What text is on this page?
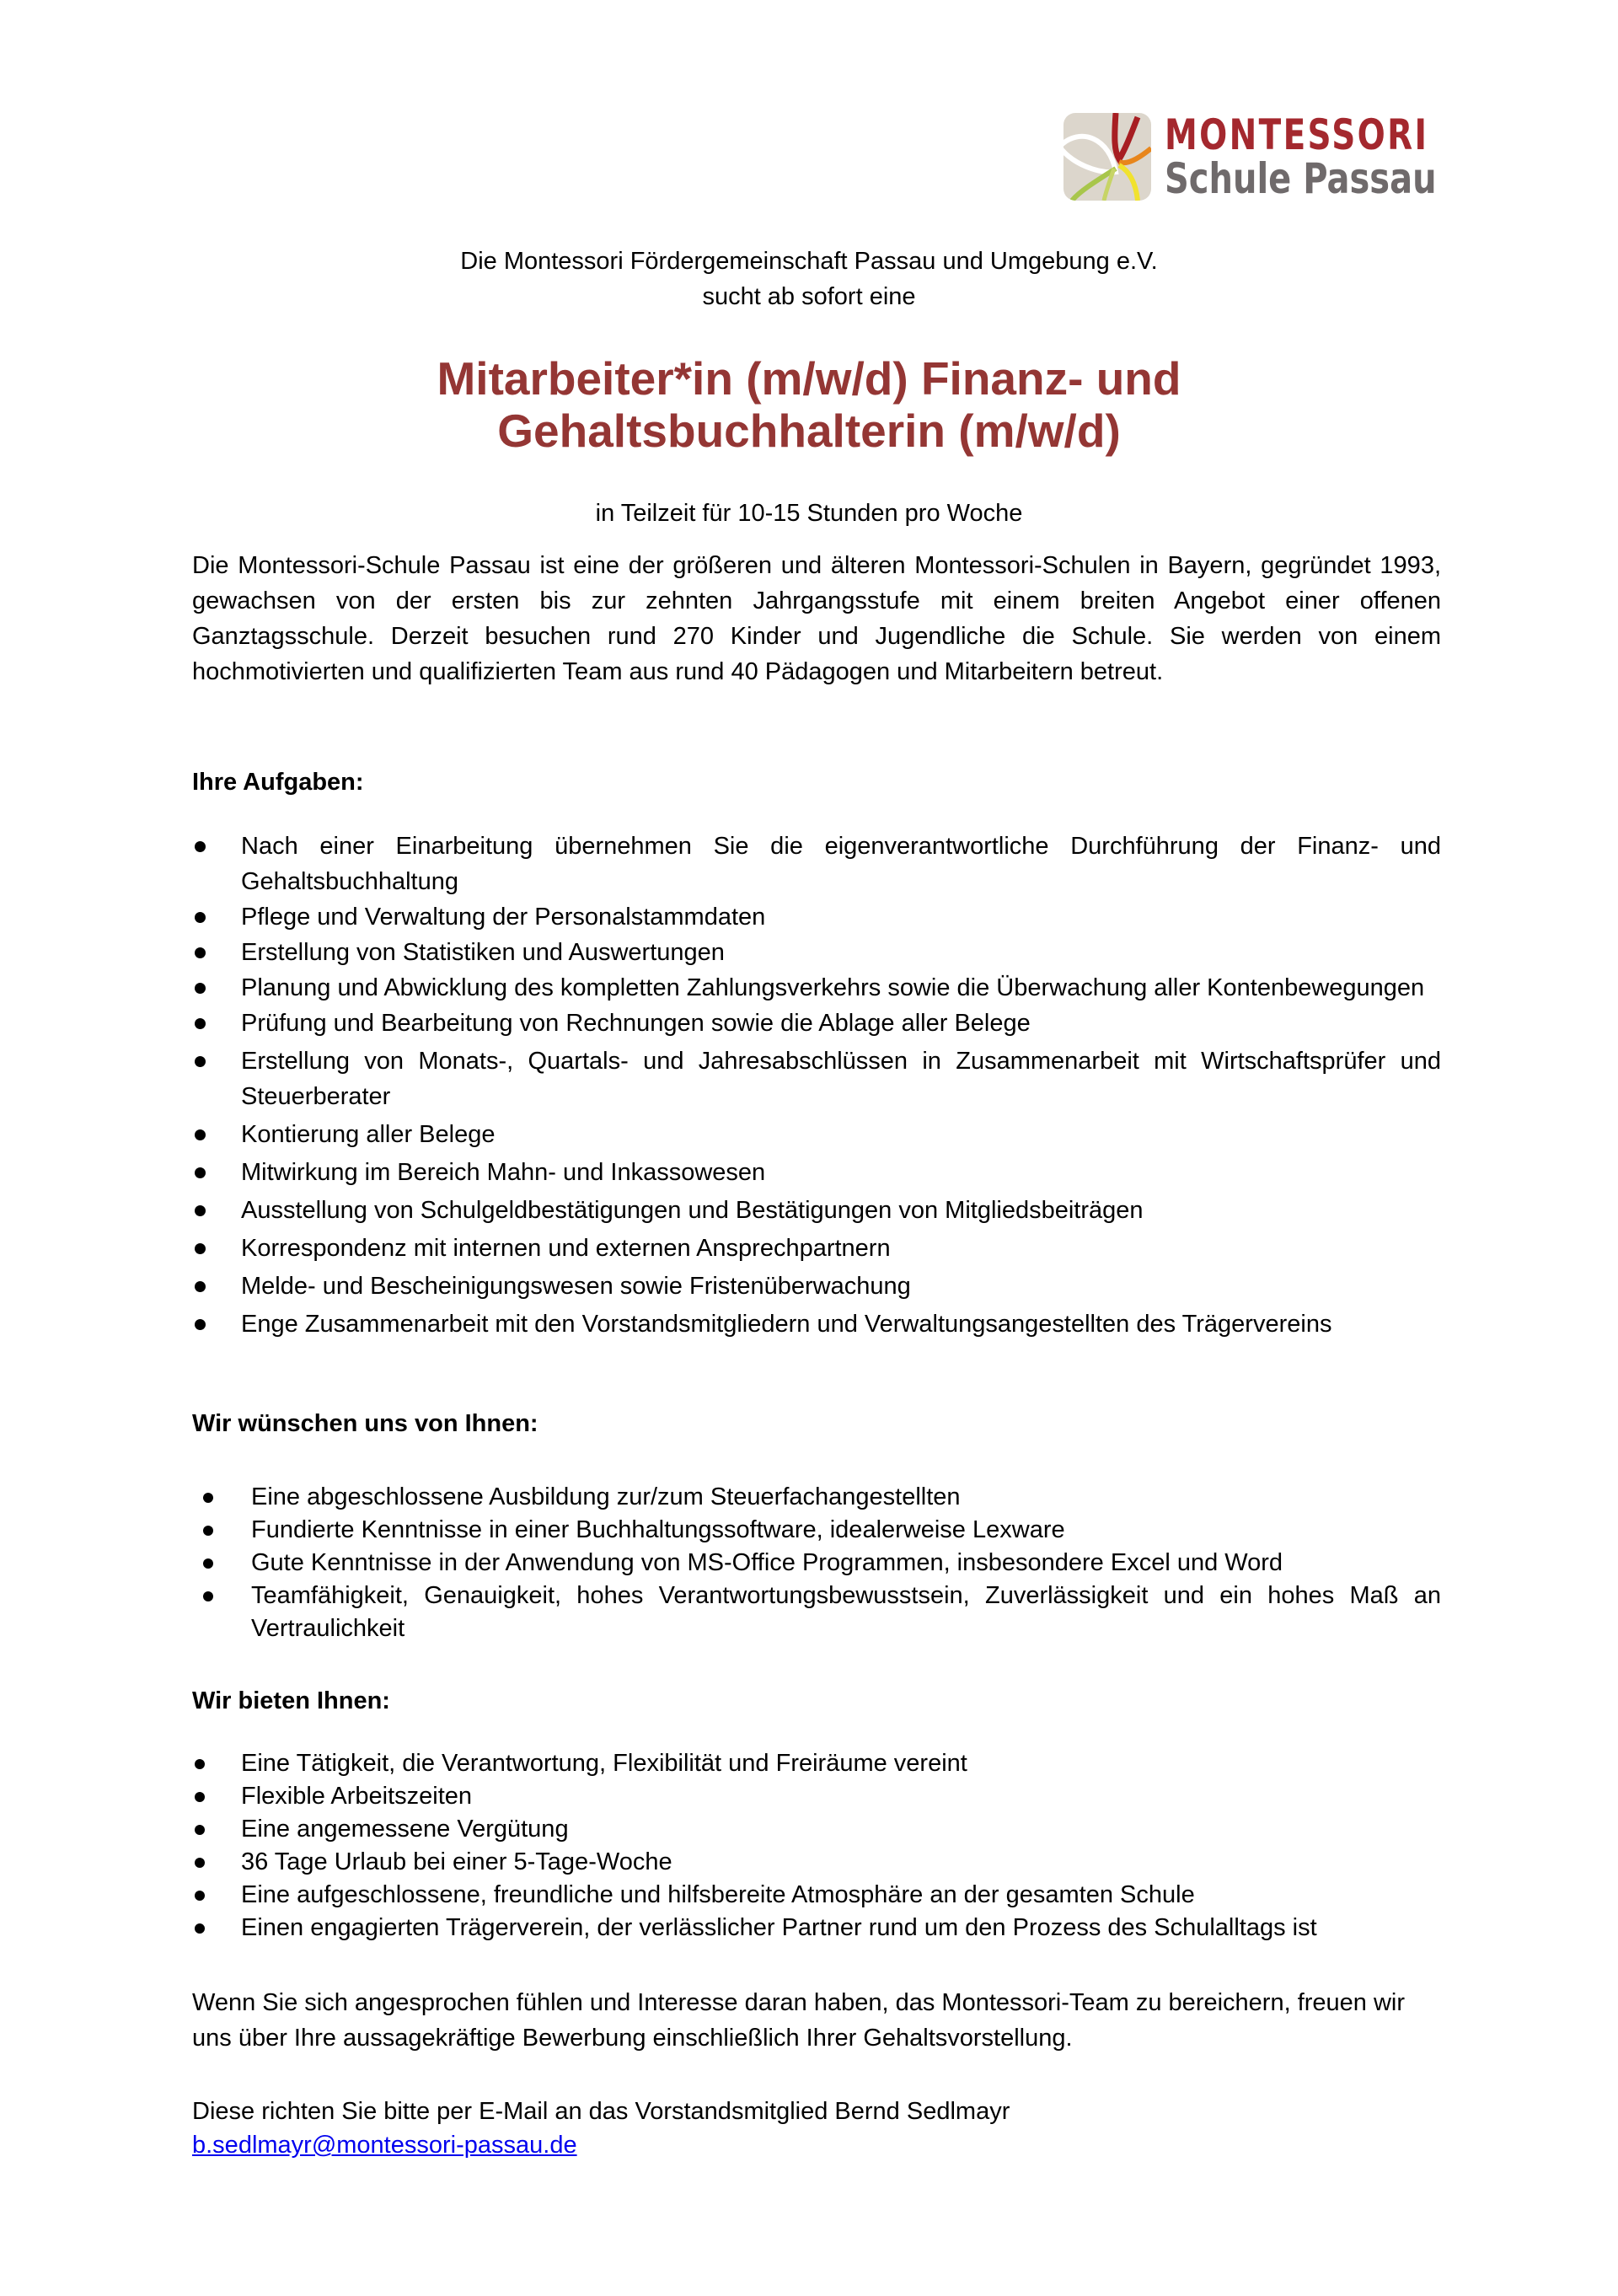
MONTESSORI
Schule Passau
Die Montessori Fördergemeinschaft Passau und Umgebung e.V.
sucht ab sofort eine
Mitarbeiter*in (m/w/d) Finanz- und
Gehaltsbuchhalterin (m/w/d)
in Teilzeit für 10-15 Stunden pro Woche
Die Montessori-Schule Passau ist eine der größeren und älteren Montessori-Schulen in Bayern, gegründet 1993, gewachsen von der ersten bis zur zehnten Jahrgangsstufe mit einem breiten Angebot einer offenen Ganztagsschule. Derzeit besuchen rund 270 Kinder und Jugendliche die Schule. Sie werden von einem hochmotivierten und qualifizierten Team aus rund 40 Pädagogen und Mitarbeitern betreut.
Ihre Aufgaben:
Nach einer Einarbeitung übernehmen Sie die eigenverantwortliche Durchführung der Finanz- und Gehaltsbuchhaltung
Pflege und Verwaltung der Personalstammdaten
Erstellung von Statistiken und Auswertungen
Planung und Abwicklung des kompletten Zahlungsverkehrs sowie die Überwachung aller Kontenbewegungen
Prüfung und Bearbeitung von Rechnungen sowie die Ablage aller Belege
Erstellung von Monats-, Quartals- und Jahresabschlüssen in Zusammenarbeit mit Wirtschaftsprüfer und Steuerberater
Kontierung aller Belege
Mitwirkung im Bereich Mahn- und Inkassowesen
Ausstellung von Schulgeldbestätigungen und Bestätigungen von Mitgliedsbeiträgen
Korrespondenz mit internen und externen Ansprechpartnern
Melde- und Bescheinigungswesen sowie Fristenüberwachung
Enge Zusammenarbeit mit den Vorstandsmitgliedern und Verwaltungsangestellten des Trägervereins
Wir wünschen uns von Ihnen:
Eine abgeschlossene Ausbildung zur/zum Steuerfachangestellten
Fundierte Kenntnisse in einer Buchhaltungssoftware, idealerweise Lexware
Gute Kenntnisse in der Anwendung von MS-Office Programmen, insbesondere Excel und Word
Teamfähigkeit, Genauigkeit, hohes Verantwortungsbewusstsein, Zuverlässigkeit und ein hohes Maß an Vertraulichkeit
Wir bieten Ihnen:
Eine Tätigkeit, die Verantwortung, Flexibilität und Freiräume vereint
Flexible Arbeitszeiten
Eine angemessene Vergütung
36 Tage Urlaub bei einer 5-Tage-Woche
Eine aufgeschlossene, freundliche und hilfsbereite Atmosphäre an der gesamten Schule
Einen engagierten Trägerverein, der verlässlicher Partner rund um den Prozess des Schulalltags ist
Wenn Sie sich angesprochen fühlen und Interesse daran haben, das Montessori-Team zu bereichern, freuen wir uns über Ihre aussagekräftige Bewerbung einschließlich Ihrer Gehaltsvorstellung.
Diese richten Sie bitte per E-Mail an das Vorstandsmitglied Bernd Sedlmayr
b.sedlmayr@montessori-passau.de
